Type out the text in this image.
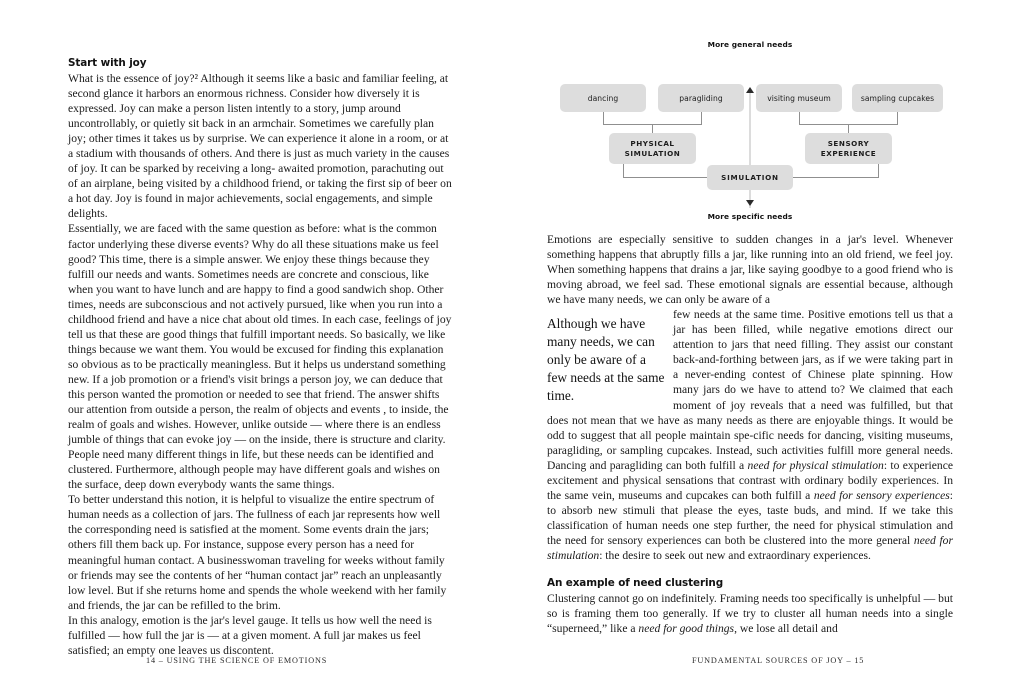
Start with joy

What is the essence of joy?² Although it seems like a basic and familiar feeling, at second glance it harbors an enormous richness. Consider how diversely it is expressed. Joy can make a person listen intently to a story, jump around uncontrollably, or quietly sit back in an armchair. Sometimes we carefully plan joy; other times it takes us by surprise. We can experience it alone in a room, or at a stadium with thousands of others. And there is just as much variety in the causes of joy. It can be sparked by receiving a long- awaited promotion, parachuting out of an airplane, being visited by a childhood friend, or taking the first sip of beer on a hot day. Joy is found in major achievements, social engagements, and simple delights.

Essentially, we are faced with the same question as before: what is the common factor underlying these diverse events? Why do all these situations make us feel good? This time, there is a simple answer. We enjoy these things because they fulfill our needs and wants. Sometimes needs are concrete and conscious, like when you want to have lunch and are happy to find a good sandwich shop. Other times, needs are subconscious and not actively pursued, like when you run into a childhood friend and have a nice chat about old times. In each case, feelings of joy tell us that these are good things that fulfill important needs. So basically, we like things because we want them. You would be excused for finding this explanation so obvious as to be practically meaningless. But it helps us understand something new. If a job promotion or a friend's visit brings a person joy, we can deduce that this person wanted the promotion or needed to see that friend. The answer shifts our attention from outside a person, the realm of objects and events , to inside, the realm of goals and wishes. However, unlike outside — where there is an endless jumble of things that can evoke joy — on the inside, there is structure and clarity. People need many different things in life, but these needs can be identified and clustered. Furthermore, although people may have different goals and wishes on the surface, deep down everybody wants the same things.

To better understand this notion, it is helpful to visualize the entire spectrum of human needs as a collection of jars. The fullness of each jar represents how well the corresponding need is satisfied at the moment. Some events drain the jars; others fill them back up. For instance, suppose every person has a need for meaningful human contact. A businesswoman traveling for weeks without family or friends may see the contents of her “human contact jar” reach an unpleasantly low level. But if she returns home and spends the whole weekend with her family and friends, the jar can be refilled to the brim.

In this analogy, emotion is the jar's level gauge. It tells us how well the need is fulfilled — how full the jar is — at a given moment. A full jar makes us feel satisfied; an empty one leaves us discontent.

14 – USING THE SCIENCE OF EMOTIONS
More general needs
More specific needs
dancing	paragliding	visiting museum	sampling cupcakes
PHYSICAL
SIMULATION
SENSORY
EXPERIENCE
SIMULATION

Emotions are especially sensitive to sudden changes in a jar's level. Whenever something happens that abruptly fills a jar, like running into an old friend, we feel joy. When something happens that drains a jar, like saying goodbye to a good friend who is moving abroad, we feel sad. These emotional signals are essential because, although we have many needs, we can only be aware of a

few needs at the same time. Positive emotions tell us that a jar has been filled, while negative emotions direct our attention to jars that need filling. They assist our constant back-and-forthing between jars, as if we were taking part in a never-ending contest of Chinese plate spinning. How many jars do we have to attend to? We claimed that each moment of joy reveals that a need was fulfilled, but that does not mean that we have as many needs as there are enjoyable things. It would be odd to suggest that all people maintain spe-cific needs for dancing, visiting museums, paragliding, or sampling cupcakes. Instead, such activities fulfill more general needs. Dancing and paragliding can both fulfill a need for physical stimulation: to experience excitement and physical sensations that contrast with ordinary bodily experiences. In the same vein, museums and cupcakes can both fulfill a need for sensory experiences: to absorb new stimuli that please the eyes, taste buds, and mind. If we take this classification of human needs one step further, the need for physical stimulation and the need for sensory experiences can both be clustered into the more general need for stimulation: the desire to seek out new and extraordinary experiences.

An example of need clustering

Clustering cannot go on indefinitely. Framing needs too specifically is unhelpful — but so is framing them too generally. If we try to cluster all human needs into a single “superneed,” like a need for good things, we lose all detail and

Although we have many needs, we can only be aware of a few needs at the same time.
FUNDAMENTAL SOURCES OF JOY – 15
